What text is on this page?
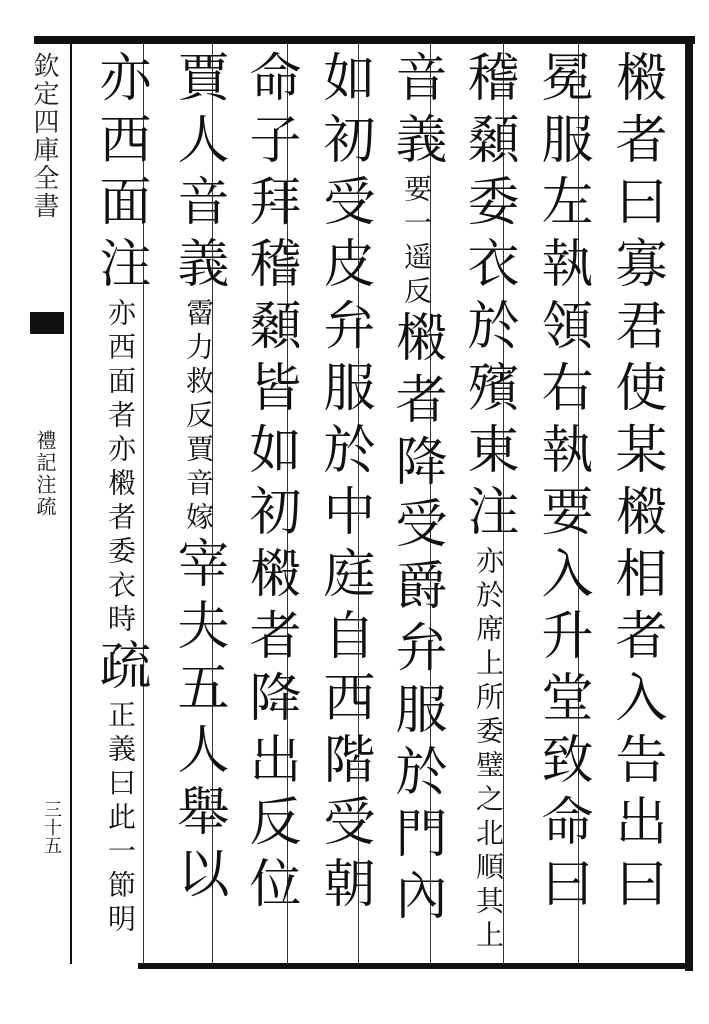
欽定四庫全書
禮記注疏
三十五
樧者曰寡君使某樧相者入告出曰
冕服左執領右執要入升堂致命曰
稽顙委衣於殯東注亦於席上所委璧之北順其上
音義要一遥反樧者降受爵弁服於門內
如初受皮弁服於中庭自西階受朝
命子拜稽顙皆如初樧者降出反位
賈人音義霤力救反賈音嫁宰夫五人舉以
亦西面注亦西面者亦樧者委衣時疏正義曰此一節明
